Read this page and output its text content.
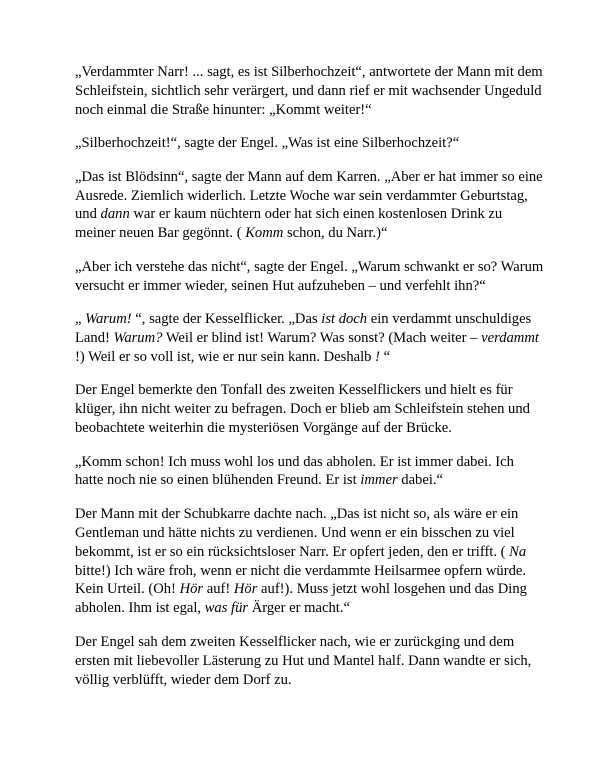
„Verdammter Narr! ... sagt, es ist Silberhochzeit“, antwortete der Mann mit dem Schleifstein, sichtlich sehr verärgert, und dann rief er mit wachsender Ungeduld noch einmal die Straße hinunter: „Kommt weiter!“

„Silberhochzeit!“, sagte der Engel. „Was ist eine Silberhochzeit?“

„Das ist Blödsinn“, sagte der Mann auf dem Karren. „Aber er hat immer so eine Ausrede. Ziemlich widerlich. Letzte Woche war sein verdammter Geburtstag, und dann war er kaum nüchtern oder hat sich einen kostenlosen Drink zu meiner neuen Bar gegönnt. ( Komm schon, du Narr.)“

„Aber ich verstehe das nicht“, sagte der Engel. „Warum schwankt er so? Warum versucht er immer wieder, seinen Hut aufzuheben – und verfehlt ihn?“

„ Warum! “, sagte der Kesselflicker. „Das ist doch ein verdammt unschuldiges Land! Warum? Weil er blind ist! Warum? Was sonst? (Mach weiter – verdammt !) Weil er so voll ist, wie er nur sein kann. Deshalb ! “

Der Engel bemerkte den Tonfall des zweiten Kesselflickers und hielt es für klüger, ihn nicht weiter zu befragen. Doch er blieb am Schleifstein stehen und beobachtete weiterhin die mysteriösen Vorgänge auf der Brücke.

„Komm schon! Ich muss wohl los und das abholen. Er ist immer dabei. Ich hatte noch nie so einen blühenden Freund. Er ist immer dabei.“

Der Mann mit der Schubkarre dachte nach. „Das ist nicht so, als wäre er ein Gentleman und hätte nichts zu verdienen. Und wenn er ein bisschen zu viel bekommt, ist er so ein rücksichtsloser Narr. Er opfert jeden, den er trifft. ( Na bitte!) Ich wäre froh, wenn er nicht die verdammte Heilsarmee opfern würde. Kein Urteil. (Oh! Hör auf! Hör auf!). Muss jetzt wohl losgehen und das Ding abholen. Ihm ist egal, was für Ärger er macht.“

Der Engel sah dem zweiten Kesselflicker nach, wie er zurückging und dem ersten mit liebevoller Lästerung zu Hut und Mantel half. Dann wandte er sich, völlig verblüfft, wieder dem Dorf zu.
